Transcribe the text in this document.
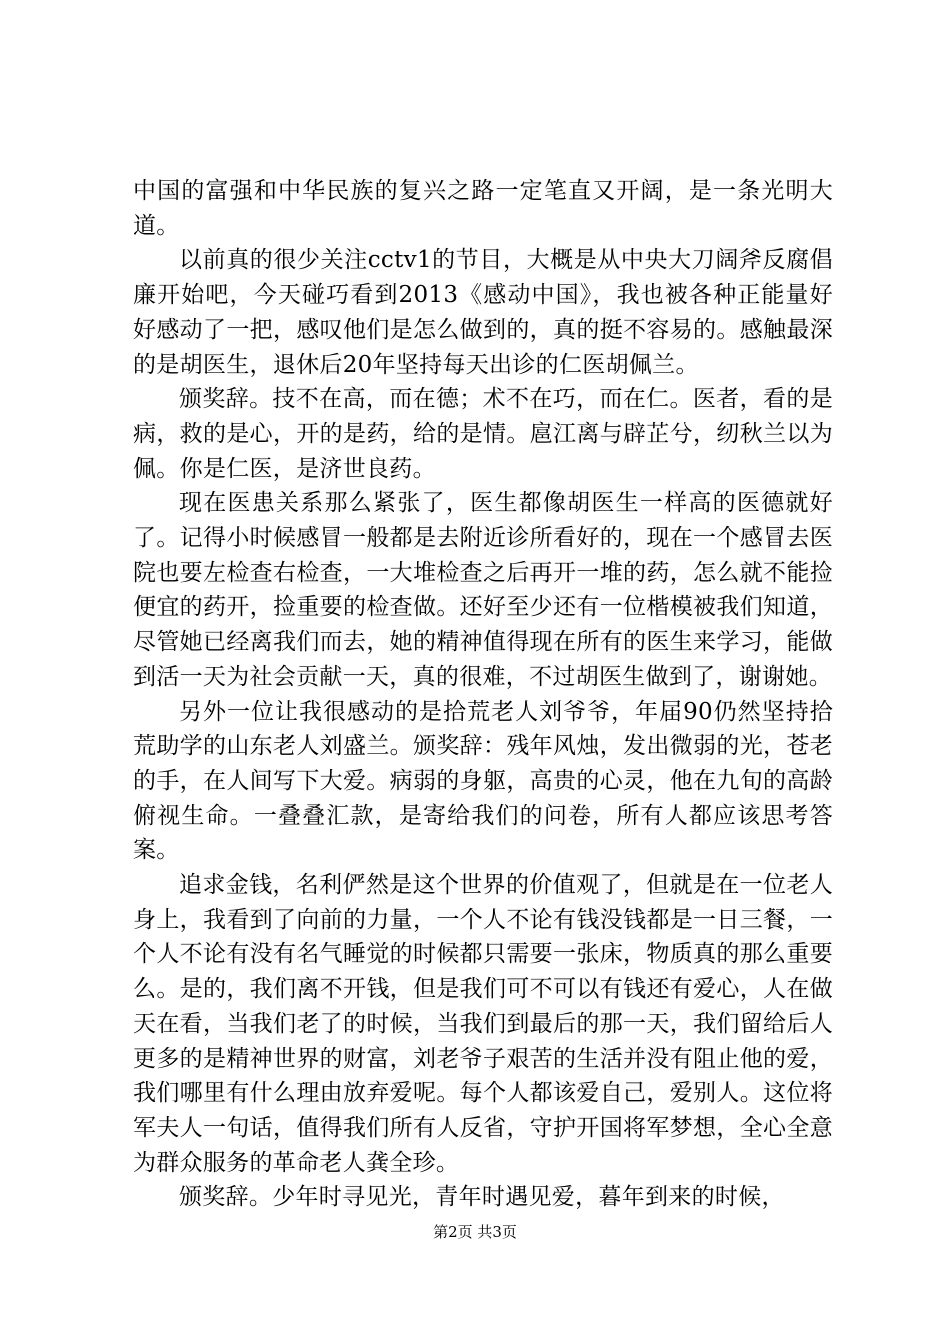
中国的富强和中华民族的复兴之路一定笔直又开阔，是一条光明大道。

以前真的很少关注cctv1的节目，大概是从中央大刀阔斧反腐倡廉开始吧，今天碰巧看到2013《感动中国》，我也被各种正能量好好感动了一把，感叹他们是怎么做到的，真的挺不容易的。感触最深的是胡医生，退休后20年坚持每天出诊的仁医胡佩兰。

颁奖辞。技不在高，而在德；术不在巧，而在仁。医者，看的是病，救的是心，开的是药，给的是情。扈江离与辟芷兮，纫秋兰以为佩。你是仁医，是济世良药。

现在医患关系那么紧张了，医生都像胡医生一样高的医德就好了。记得小时候感冒一般都是去附近诊所看好的，现在一个感冒去医院也要左检查右检查，一大堆检查之后再开一堆的药，怎么就不能捡便宜的药开，捡重要的检查做。还好至少还有一位楷模被我们知道，尽管她已经离我们而去，她的精神值得现在所有的医生来学习，能做到活一天为社会贡献一天，真的很难，不过胡医生做到了，谢谢她。

另外一位让我很感动的是拾荒老人刘爷爷，年届90仍然坚持拾荒助学的山东老人刘盛兰。颁奖辞：残年风烛，发出微弱的光，苍老的手，在人间写下大爱。病弱的身躯，高贵的心灵，他在九旬的高龄俯视生命。一叠叠汇款，是寄给我们的问卷，所有人都应该思考答案。

追求金钱，名利俨然是这个世界的价值观了，但就是在一位老人身上，我看到了向前的力量，一个人不论有钱没钱都是一日三餐，一个人不论有没有名气睡觉的时候都只需要一张床，物质真的那么重要么。是的，我们离不开钱，但是我们可不可以有钱还有爱心，人在做天在看，当我们老了的时候，当我们到最后的那一天，我们留给后人更多的是精神世界的财富，刘老爷子艰苦的生活并没有阻止他的爱，我们哪里有什么理由放弃爱呢。每个人都该爱自己，爱别人。这位将军夫人一句话，值得我们所有人反省，守护开国将军梦想，全心全意为群众服务的革命老人龚全珍。

颁奖辞。少年时寻见光，青年时遇见爱，暮年到来的时候，

第2页 共3页
